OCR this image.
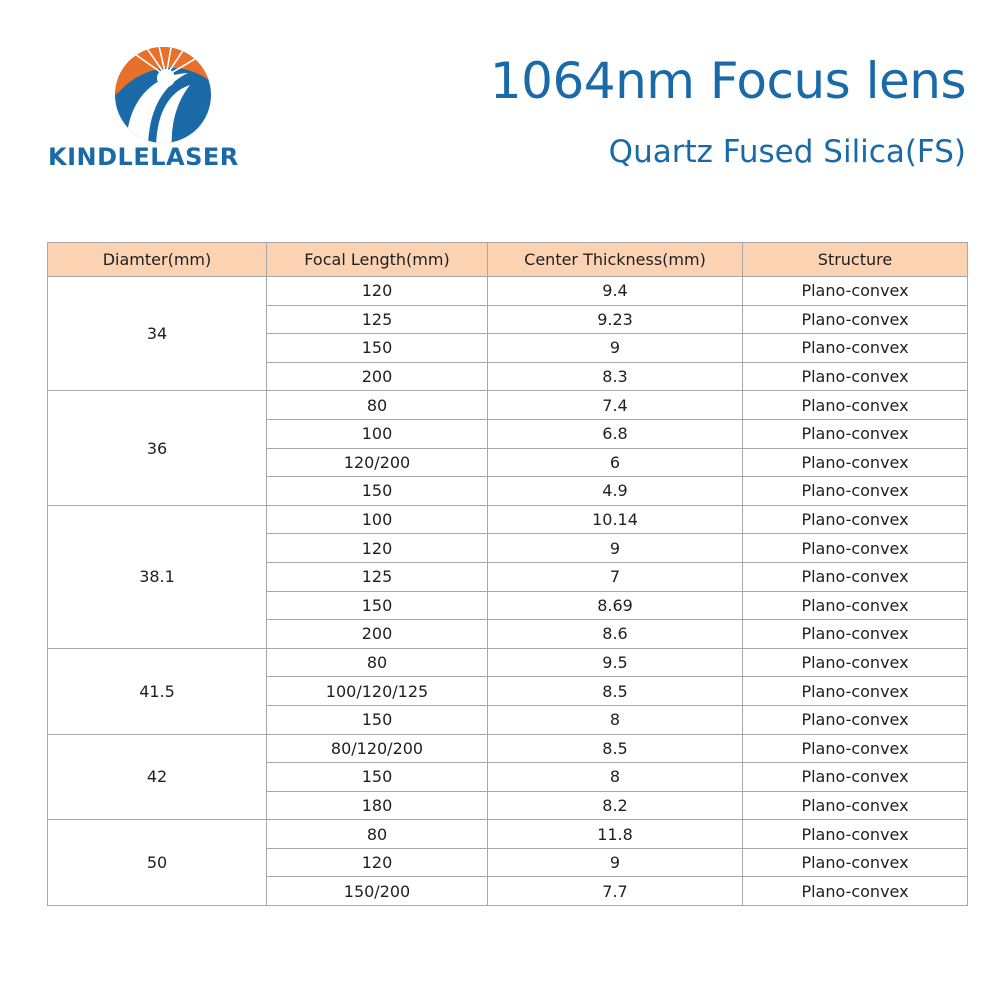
KINDLELASER
1064nm Focus lens
Quartz Fused Silica(FS)
Diamter(mm)	Focal Length(mm)	Center Thickness(mm)	Structure
34	120	9.4	Plano-convex
	125	9.23	Plano-convex
	150	9	Plano-convex
	200	8.3	Plano-convex
36	80	7.4	Plano-convex
	100	6.8	Plano-convex
	120/200	6	Plano-convex
	150	4.9	Plano-convex
38.1	100	10.14	Plano-convex
	120	9	Plano-convex
	125	7	Plano-convex
	150	8.69	Plano-convex
	200	8.6	Plano-convex
41.5	80	9.5	Plano-convex
	100/120/125	8.5	Plano-convex
	150	8	Plano-convex
42	80/120/200	8.5	Plano-convex
	150	8	Plano-convex
	180	8.2	Plano-convex
50	80	11.8	Plano-convex
	120	9	Plano-convex
	150/200	7.7	Plano-convex
